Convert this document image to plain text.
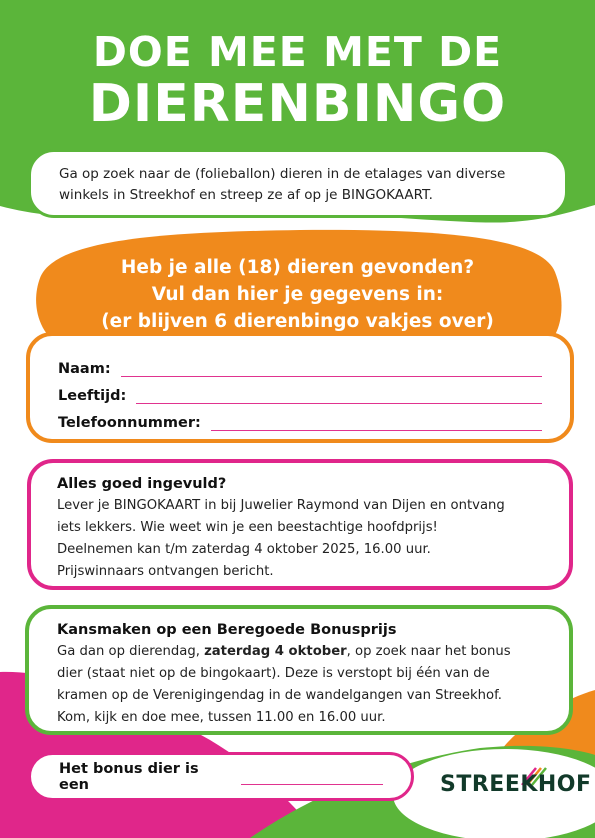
DOE MEE MET DE
DIERENBINGO
Ga op zoek naar de (folieballon) dieren in de etalages van diverse winkels in Streekhof en streep ze af op je BINGOKAART.
Heb je alle (18) dieren gevonden?
Vul dan hier je gegevens in:
(er blijven 6 dierenbingo vakjes over)
Naam:
Leeftijd:
Telefoonnummer:
Alles goed ingevuld?
Lever je BINGOKAART in bij Juwelier Raymond van Dijen en ontvang
iets lekkers. Wie weet win je een beestachtige hoofdprijs!
Deelnemen kan t/m zaterdag 4 oktober 2025, 16.00 uur.
Prijswinnaars ontvangen bericht.
Kansmaken op een Beregoede Bonusprijs
Ga dan op dierendag, zaterdag 4 oktober, op zoek naar het bonus
dier (staat niet op de bingokaart). Deze is verstopt bij één van de
kramen op de Verenigingendag in de wandelgangen van Streekhof.
Kom, kijk en doe mee, tussen 11.00 en 16.00 uur.
Het bonus dier is een	STREEKHOF
